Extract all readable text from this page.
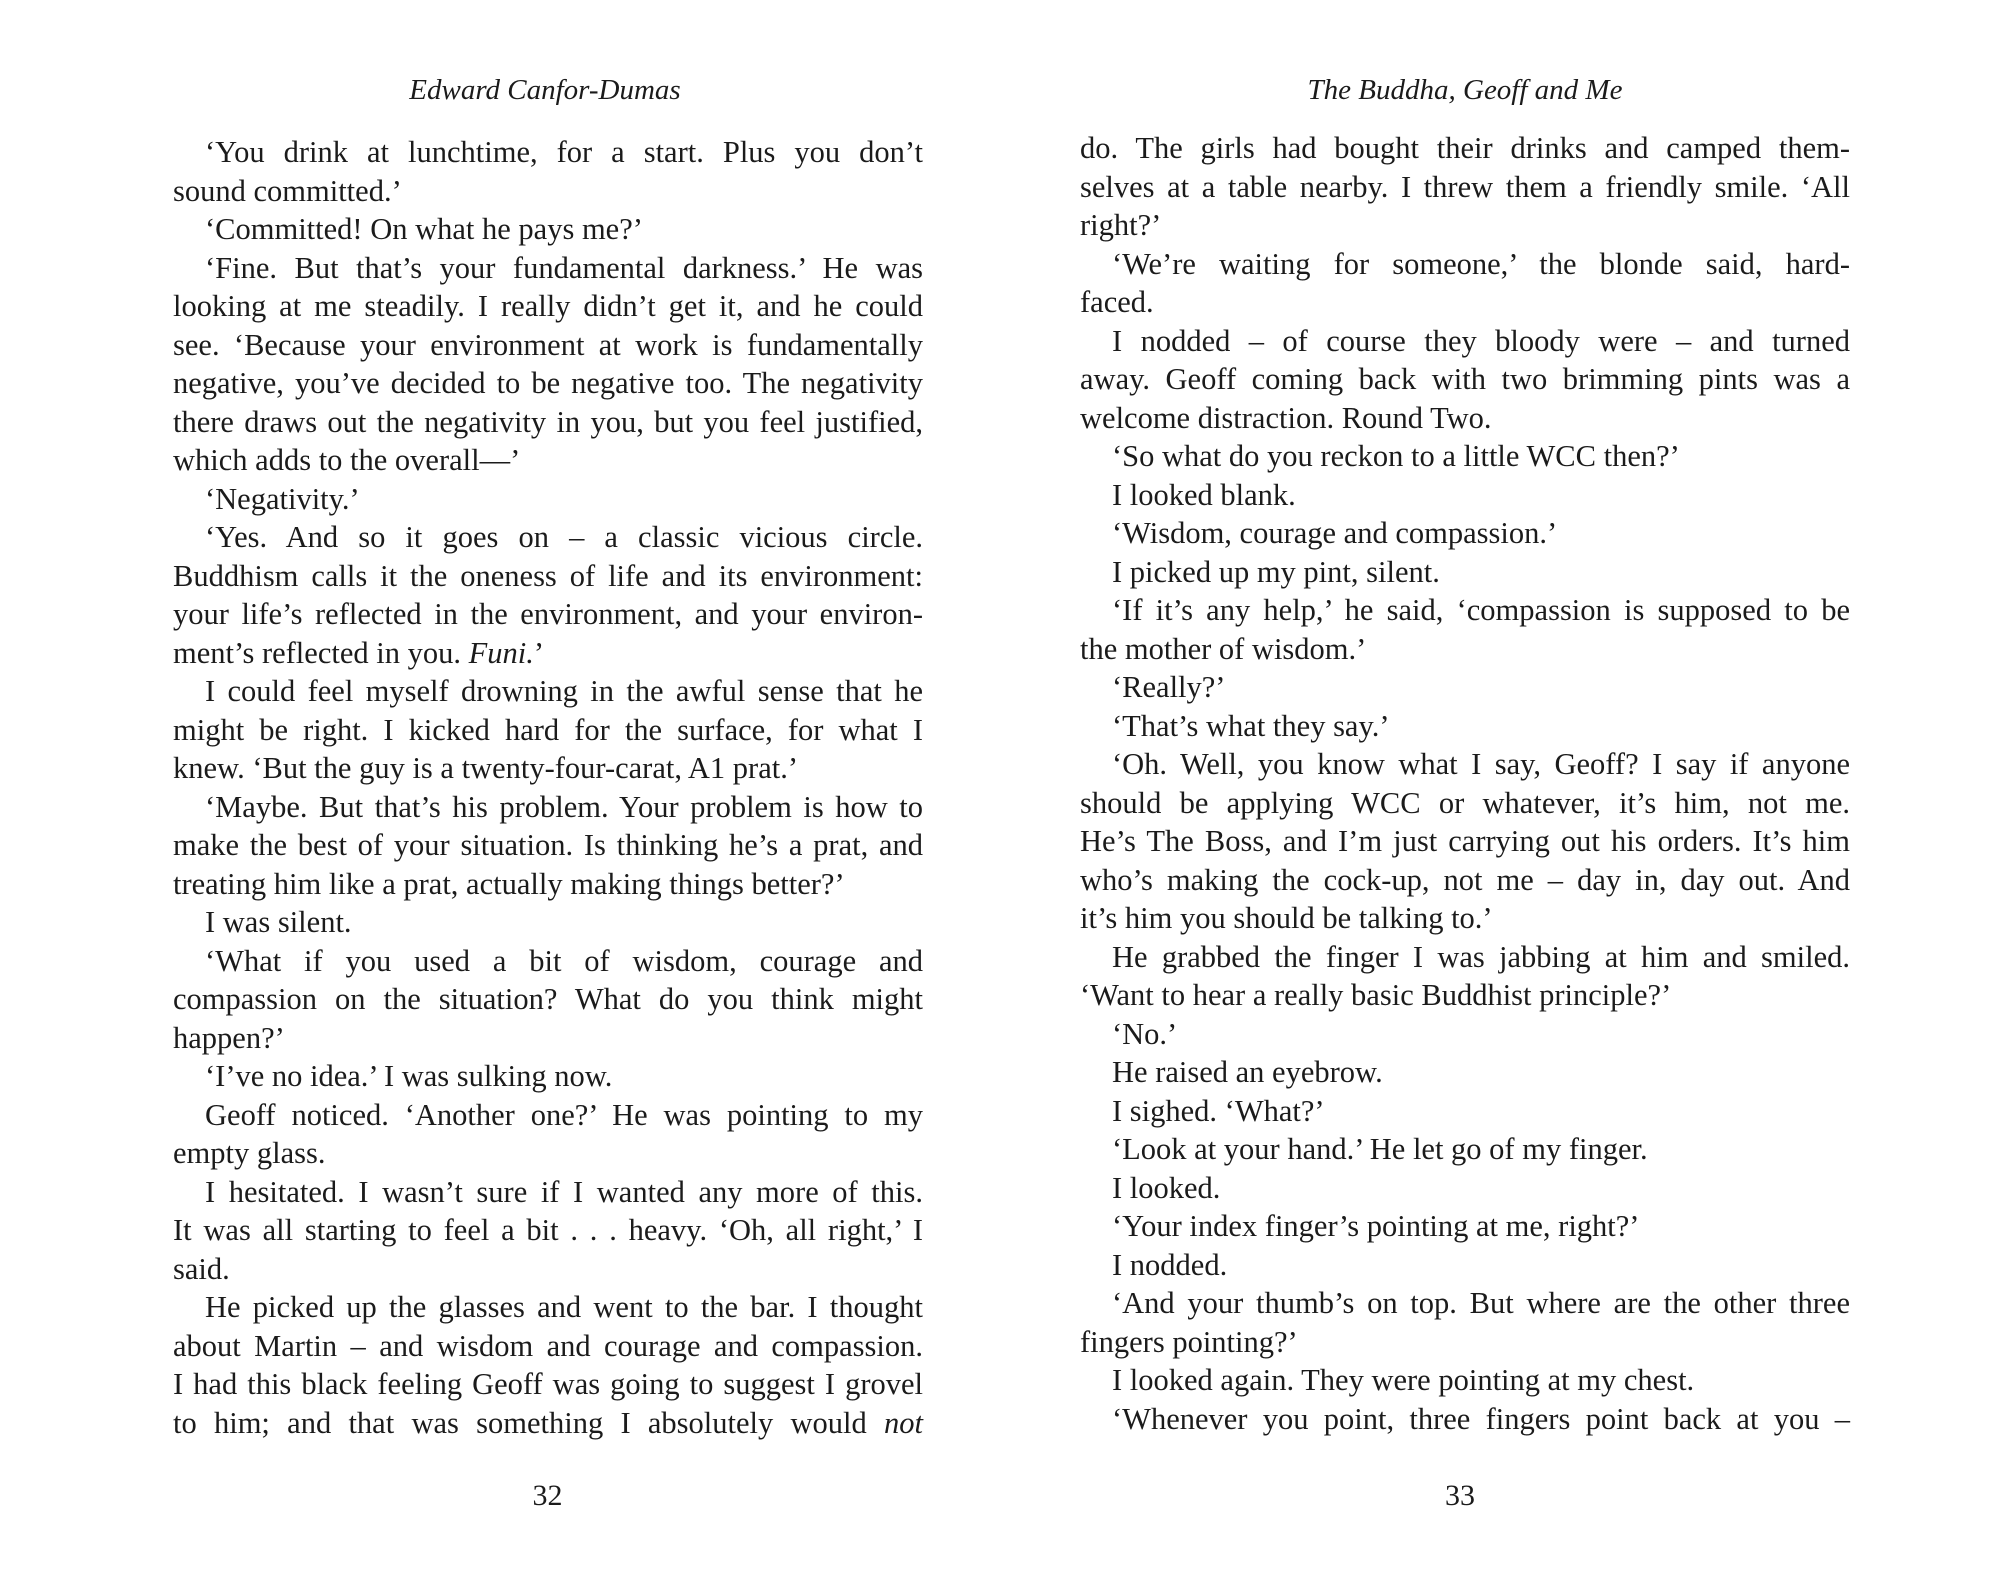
Edward Canfor-Dumas
‘You drink at lunchtime, for a start. Plus you don’t
sound committed.’
‘Committed! On what he pays me?’
‘Fine. But that’s your fundamental darkness.’ He was
looking at me steadily. I really didn’t get it, and he could
see. ‘Because your environment at work is fundamentally
negative, you’ve decided to be negative too. The negativity
there draws out the negativity in you, but you feel justified,
which adds to the overall—’
‘Negativity.’
‘Yes. And so it goes on – a classic vicious circle.
Buddhism calls it the oneness of life and its environment:
your life’s reflected in the environment, and your environ-
ment’s reflected in you. Funi.’
I could feel myself drowning in the awful sense that he
might be right. I kicked hard for the surface, for what I
knew. ‘But the guy is a twenty-four-carat, A1 prat.’
‘Maybe. But that’s his problem. Your problem is how to
make the best of your situation. Is thinking he’s a prat, and
treating him like a prat, actually making things better?’
I was silent.
‘What if you used a bit of wisdom, courage and
compassion on the situation? What do you think might
happen?’
‘I’ve no idea.’ I was sulking now.
Geoff noticed. ‘Another one?’ He was pointing to my
empty glass.
I hesitated. I wasn’t sure if I wanted any more of this.
It was all starting to feel a bit . . . heavy. ‘Oh, all right,’ I
said.
He picked up the glasses and went to the bar. I thought
about Martin – and wisdom and courage and compassion.
I had this black feeling Geoff was going to suggest I grovel
to him; and that was something I absolutely would not
32
The Buddha, Geoff and Me
do. The girls had bought their drinks and camped them-
selves at a table nearby. I threw them a friendly smile. ‘All
right?’
‘We’re waiting for someone,’ the blonde said, hard-
faced.
I nodded – of course they bloody were – and turned
away. Geoff coming back with two brimming pints was a
welcome distraction. Round Two.
‘So what do you reckon to a little WCC then?’
I looked blank.
‘Wisdom, courage and compassion.’
I picked up my pint, silent.
‘If it’s any help,’ he said, ‘compassion is supposed to be
the mother of wisdom.’
‘Really?’
‘That’s what they say.’
‘Oh. Well, you know what I say, Geoff? I say if anyone
should be applying WCC or whatever, it’s him, not me.
He’s The Boss, and I’m just carrying out his orders. It’s him
who’s making the cock-up, not me – day in, day out. And
it’s him you should be talking to.’
He grabbed the finger I was jabbing at him and smiled.
‘Want to hear a really basic Buddhist principle?’
‘No.’
He raised an eyebrow.
I sighed. ‘What?’
‘Look at your hand.’ He let go of my finger.
I looked.
‘Your index finger’s pointing at me, right?’
I nodded.
‘And your thumb’s on top. But where are the other three
fingers pointing?’
I looked again. They were pointing at my chest.
‘Whenever you point, three fingers point back at you –
33
